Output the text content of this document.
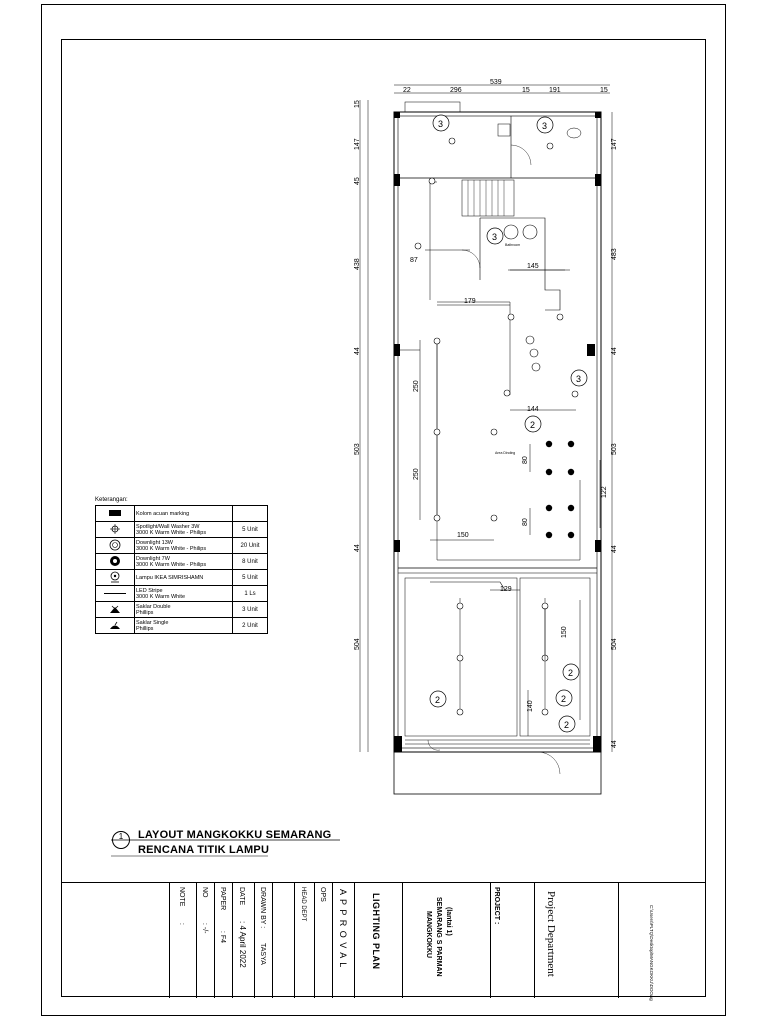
3	3
3
3
2
2
2	2
2
539
22	296	15	191	15
87
145
179
144
150
129
15
147
45
438
44
503
44
504
147
483
44
503
44
504
44
250
250
80
122
80
150
140
Bathroom
Area Dinding
Keterangan:
	Kolom acuan marking	
	Spotlight/Wall Washer 3W
3000 K Warm White - Philips	5 Unit
	Downlight 13W
3000 K Warm White - Philips	20 Unit
	Downlight 7W
3000 K Warm White - Philips	8 Unit
	Lampu IKEA SIMRISHAMN	5 Unit
	LED Stripe
3000 K Warm White	1 Ls
	Saklar Double
Phillips	3 Unit
	Saklar Single
Phillips	2 Unit
1	LAYOUT MANGKOKKU SEMARANG
RENCANA TITIK LAMPU
NOTE
:
NO
: -/-
PAPER
: F4
DATE
: 4 April 2022
DRAWN BY :
TASYA
HEAD DEPT OPS A P P R O V A L	LIGHTING PLAN	MANGKOKKU SEMARANG S PARMAN (lantai 1)	PROJECT :	Project Department	C:\Users\PLTQ\Desktop\MANGKOKKU\DOOwg
